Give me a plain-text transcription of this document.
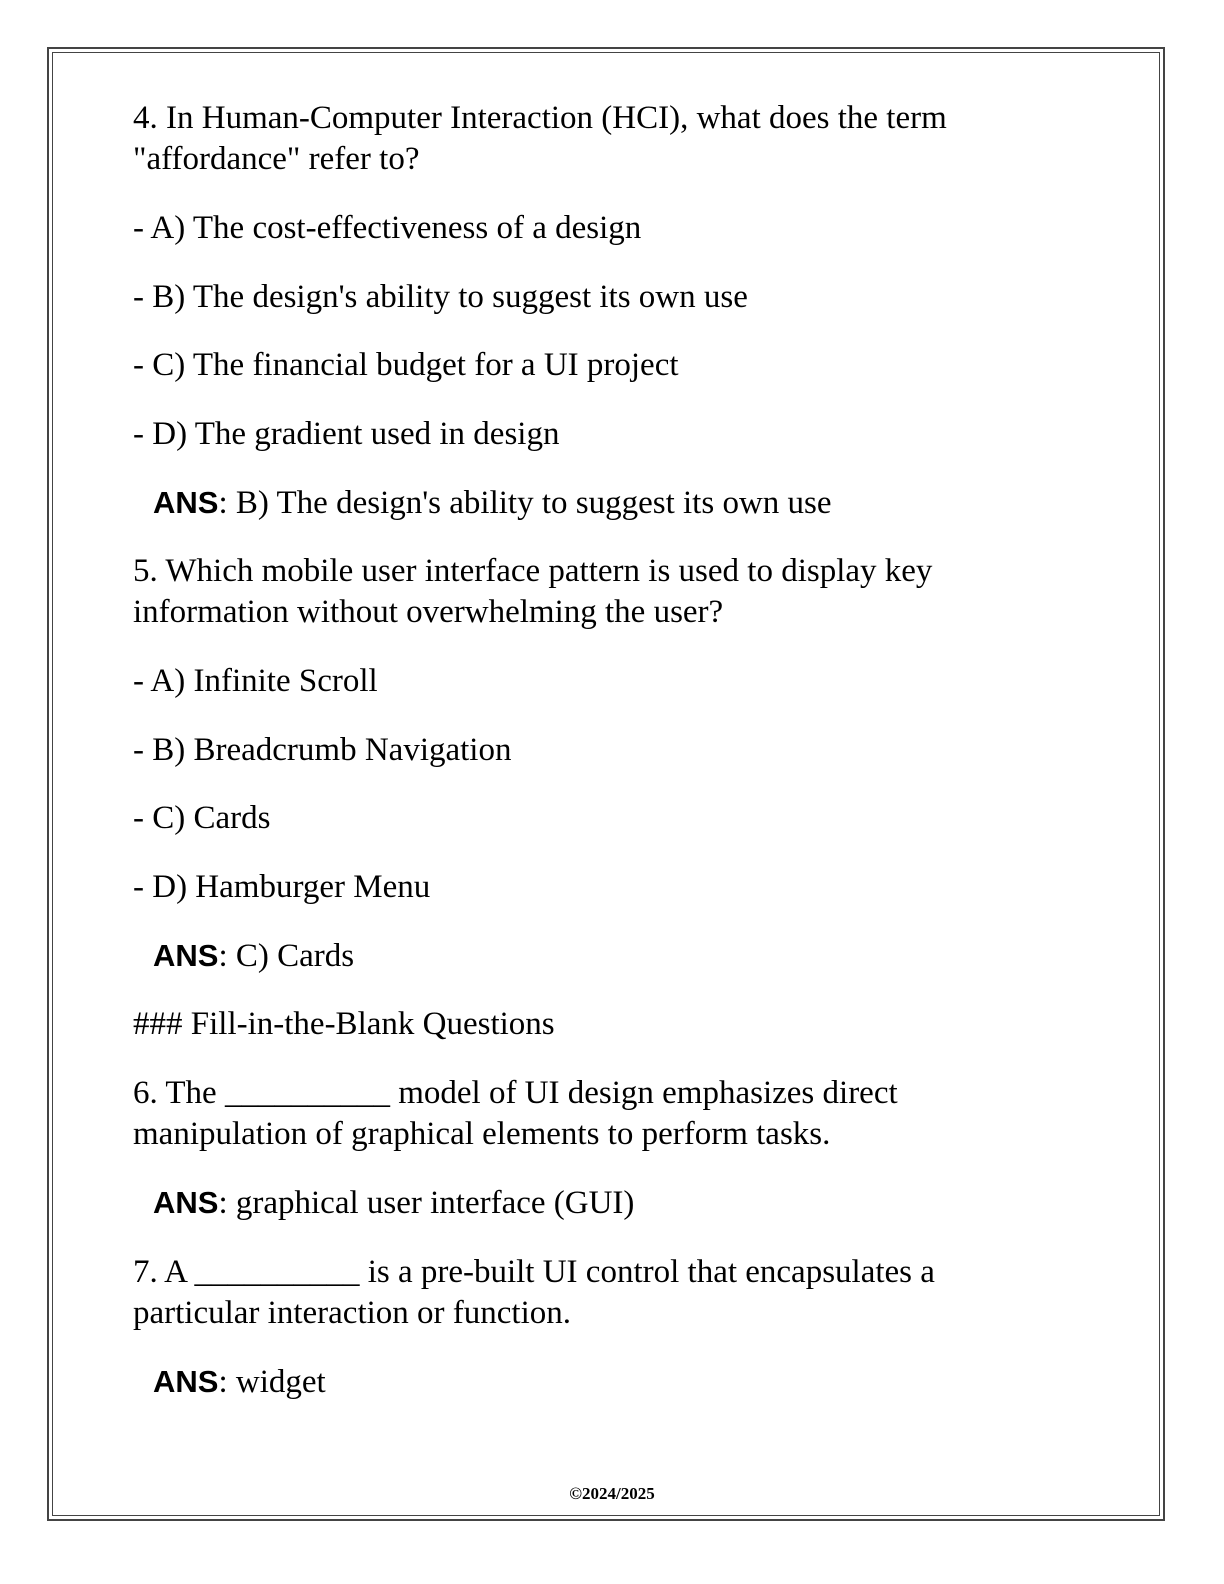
4. In Human-Computer Interaction (HCI), what does the term
"affordance" refer to?
- A) The cost-effectiveness of a design
- B) The design's ability to suggest its own use
- C) The financial budget for a UI project
- D) The gradient used in design
ANS: B) The design's ability to suggest its own use
5. Which mobile user interface pattern is used to display key
information without overwhelming the user?
- A) Infinite Scroll
- B) Breadcrumb Navigation
- C) Cards
- D) Hamburger Menu
ANS: C) Cards
### Fill-in-the-Blank Questions
6. The __________ model of UI design emphasizes direct
manipulation of graphical elements to perform tasks.
ANS: graphical user interface (GUI)
7. A __________ is a pre-built UI control that encapsulates a
particular interaction or function.
ANS: widget
©2024/2025
